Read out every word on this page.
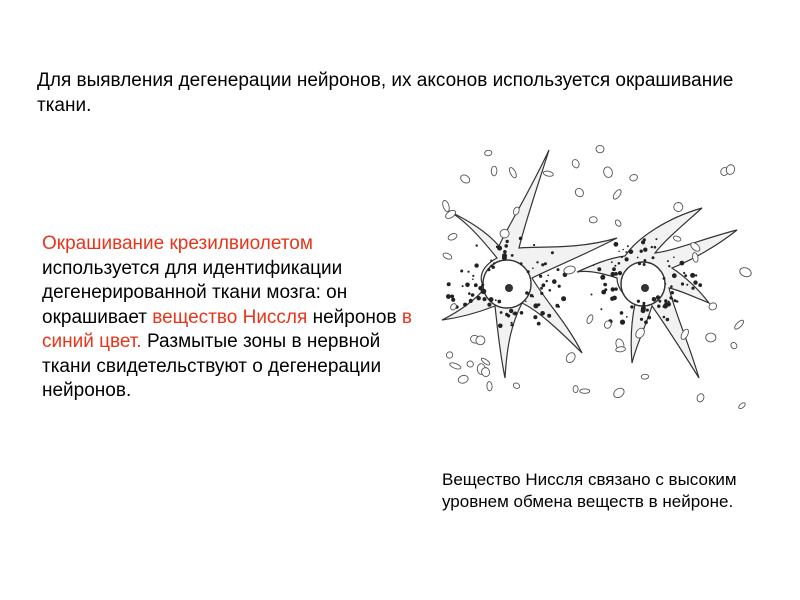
Для выявления дегенерации нейронов, их аксонов используется окрашивание ткани.
Окрашивание крезилвиолетом используется для идентификации дегенерированной ткани мозга: он окрашивает вещество Ниссля нейронов в синий цвет. Размытые зоны в нервной ткани свидетельствуют о дегенерации нейронов.
Вещество Ниссля связано с высоким уровнем обмена веществ в нейроне.
